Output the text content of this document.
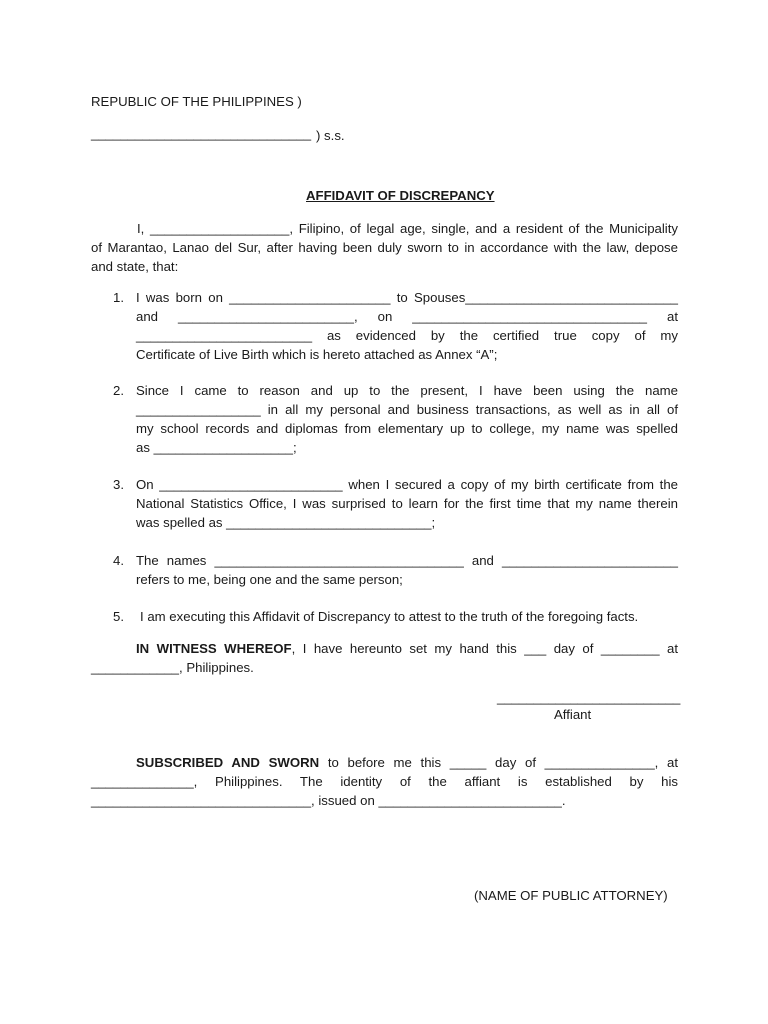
REPUBLIC OF THE PHILIPPINES )
______________________________ ) s.s.
AFFIDAVIT OF DISCREPANCY
I, ___________________, Filipino, of legal age, single, and a resident of the Municipality
of Marantao, Lanao del Sur, after having been duly sworn to in accordance with the law, depose
and state, that:
1. I was born on ______________________ to Spouses_____________________________
and ________________________, on ________________________________ at
________________________ as evidenced by the certified true copy of my
Certificate of Live Birth which is hereto attached as Annex “A”;
2. Since I came to reason and up to the present, I have been using the name
_________________ in all my personal and business transactions, as well as in all of
my school records and diplomas from elementary up to college, my name was spelled
as ___________________;
3. On _________________________ when I secured a copy of my birth certificate from the
National Statistics Office, I was surprised to learn for the first time that my name therein
was spelled as ____________________________;
4. The names __________________________________ and ________________________
refers to me, being one and the same person;
5. I am executing this Affidavit of Discrepancy to attest to the truth of the foregoing facts.
IN WITNESS WHEREOF, I have hereunto set my hand this ___ day of ________ at
____________, Philippines.
_________________________
Affiant
SUBSCRIBED AND SWORN to before me this _____ day of _______________, at
______________, Philippines. The identity of the affiant is established by his
______________________________, issued on _________________________.
(NAME OF PUBLIC ATTORNEY)
